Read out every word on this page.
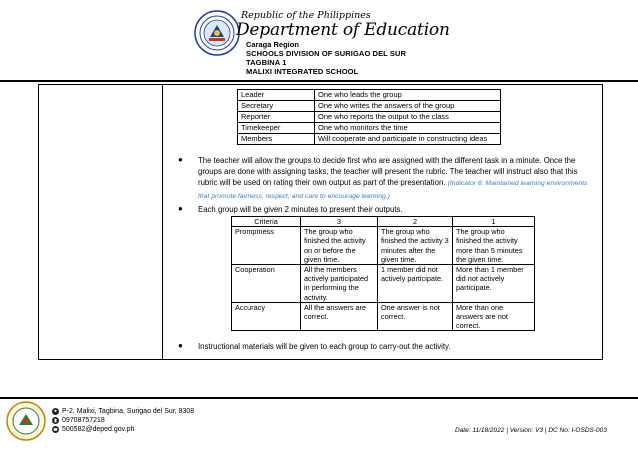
Republic of the Philippines
Department of Education
Caraga Region
SCHOOLS DIVISION OF SURIGAO DEL SUR
TAGBINA 1
MALIXI INTEGRATED SCHOOL
Leader	One who leads the group
Secretary	One who writes the answers of the group
Reporter	One who reports the output to the class
Timekeeper	One who monitors the time
Members	Will cooperate and participate in constructing ideas
● The teacher will allow the groups to decide first who are assigned with the different task in a minute. Once the groups are done with assigning tasks, the teacher will present the rubric. The teacher will instruct also that this rubric will be used on rating their own output as part of the presentation. (Indicator 6: Maintained learning environments that promote fairness, respect, and care to encourage learning.)
● Each group will be given 2 minutes to present their outputs.
Criteria	3	2	1
Promptness	The group who finished the activity on or before the given time.	The group who finished the activity 3 minutes after the given time.	The group who finished the activity more than 5 minutes the given time.
Cooperation	All the members actively participated in performing the activity.	1 member did not actively participate.	More than 1 member did not actively participate.
Accuracy	All the answers are correct.	One answer is not correct.	More than one answers are not correct.
● Instructional materials will be given to each group to carry-out the activity.
P-2, Malixi, Tagbina, Surigao del Sur, 8308
09708757218
500582@deped.gov.ph	Date: 11/18/2022 | Version: V3 | DC No: I-OSDS-003
